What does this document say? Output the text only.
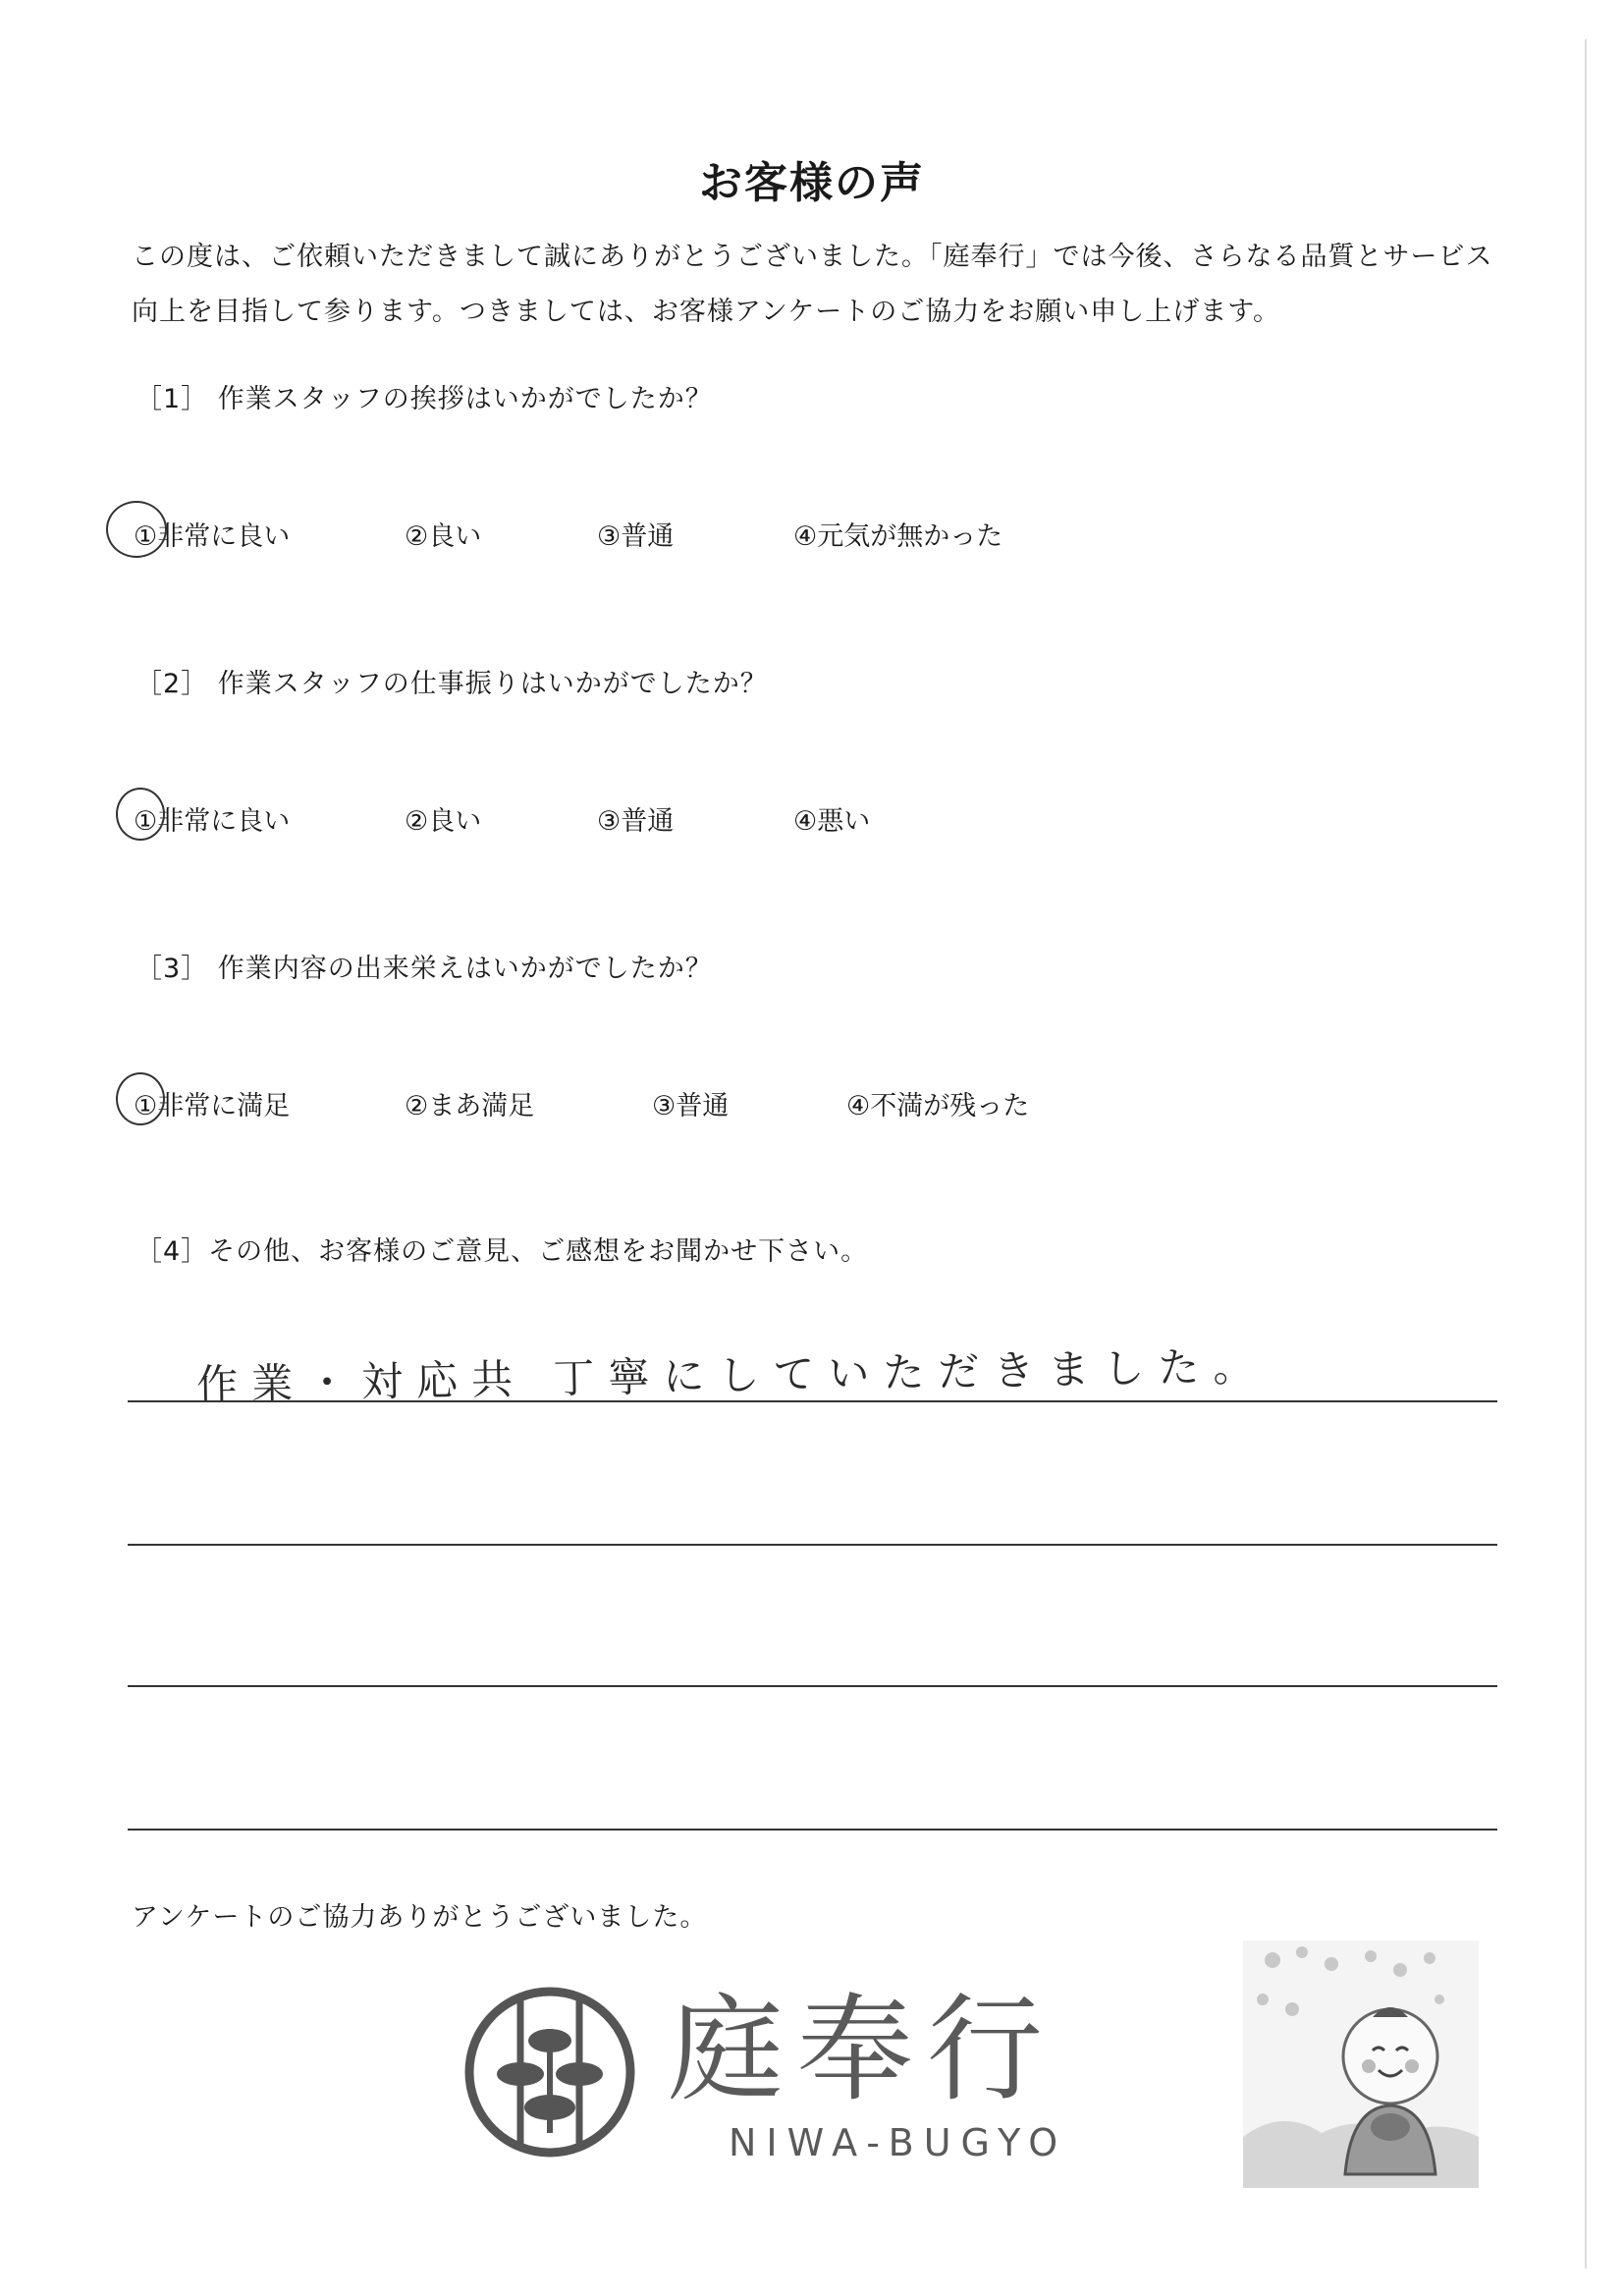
お客様の声
この度は、ご依頼いただきまして誠にありがとうございました。「庭奉行」では今後、さらなる品質とサービス向上を目指して参ります。つきましては、お客様アンケートのご協力をお願い申し上げます。
［1］ 作業スタッフの挨拶はいかがでしたか？
①非常に良い	②良い	③普通	④元気が無かった
［2］ 作業スタッフの仕事振りはいかがでしたか？
①非常に良い	②良い	③普通	④悪い
［3］ 作業内容の出来栄えはいかがでしたか？
①非常に満足	②まあ満足	③普通	④不満が残った
［4］その他、お客様のご意見、ご感想をお聞かせ下さい。
作業・対応共 丁寧にしていただきました。
アンケートのご協力ありがとうございました。
庭奉行
NIWA-BUGYO
